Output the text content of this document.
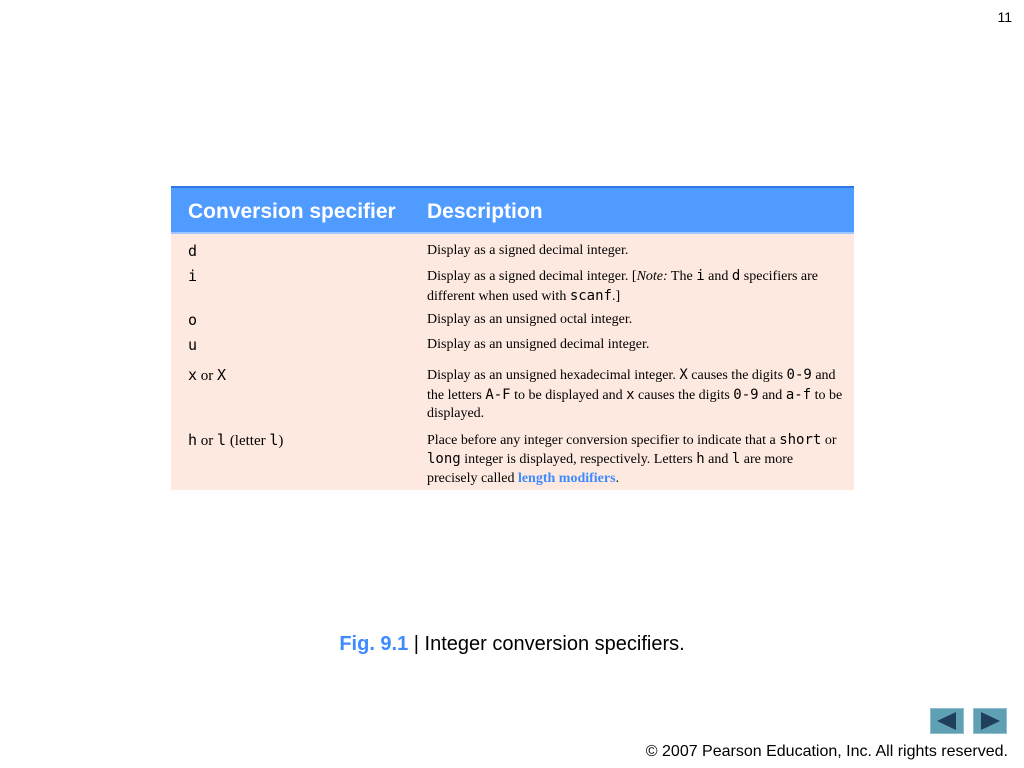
11
Conversion specifier	Description
d	Display as a signed decimal integer.
i	Display as a signed decimal integer. [Note: The i and d specifiers are different when used with scanf.]
o	Display as an unsigned octal integer.
u	Display as an unsigned decimal integer.
x or X	Display as an unsigned hexadecimal integer. X causes the digits 0-9 and the letters A-F to be displayed and x causes the digits 0-9 and a-f to be displayed.
h or l (letter l)	Place before any integer conversion specifier to indicate that a short or long integer is displayed, respectively. Letters h and l are more precisely called length modifiers.
Fig. 9.1 | Integer conversion specifiers.
© 2007 Pearson Education, Inc. All rights reserved.
